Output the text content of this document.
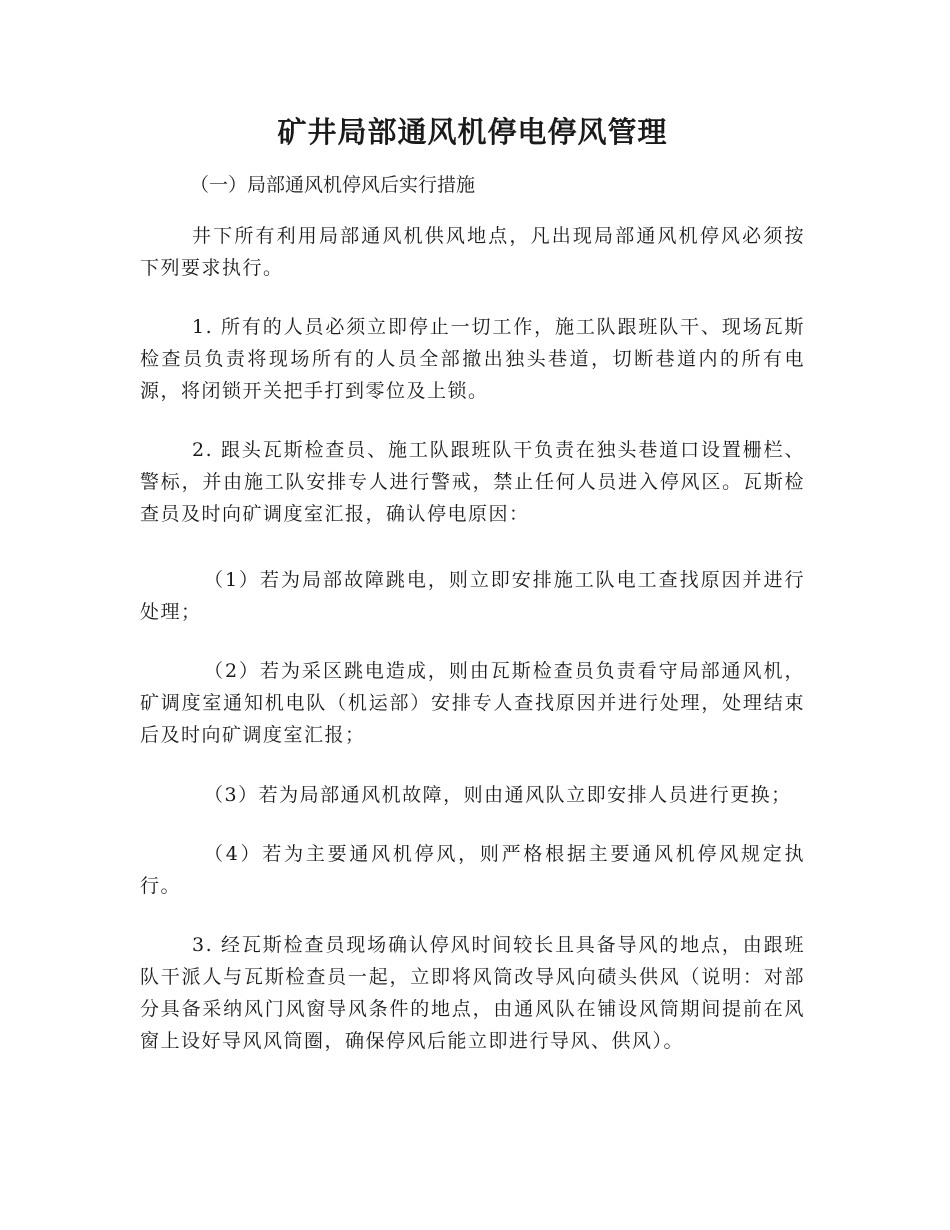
矿井局部通风机停电停风管理

（一）局部通风机停风后实行措施

井下所有利用局部通风机供风地点，凡出现局部通风机停风必须按下列要求执行。

1. 所有的人员必须立即停止一切工作，施工队跟班队干、现场瓦斯检查员负责将现场所有的人员全部撤出独头巷道，切断巷道内的所有电源，将闭锁开关把手打到零位及上锁。

2. 跟头瓦斯检查员、施工队跟班队干负责在独头巷道口设置栅栏、警标，并由施工队安排专人进行警戒，禁止任何人员进入停风区。瓦斯检查员及时向矿调度室汇报，确认停电原因：

（1）若为局部故障跳电，则立即安排施工队电工查找原因并进行处理；

（2）若为采区跳电造成，则由瓦斯检查员负责看守局部通风机，矿调度室通知机电队（机运部）安排专人查找原因并进行处理，处理结束后及时向矿调度室汇报；

（3）若为局部通风机故障，则由通风队立即安排人员进行更换；

（4）若为主要通风机停风，则严格根据主要通风机停风规定执行。

3. 经瓦斯检查员现场确认停风时间较长且具备导风的地点，由跟班队干派人与瓦斯检查员一起，立即将风筒改导风向碛头供风（说明：对部分具备采纳风门风窗导风条件的地点，由通风队在铺设风筒期间提前在风窗上设好导风风筒圈，确保停风后能立即进行导风、供风）。
